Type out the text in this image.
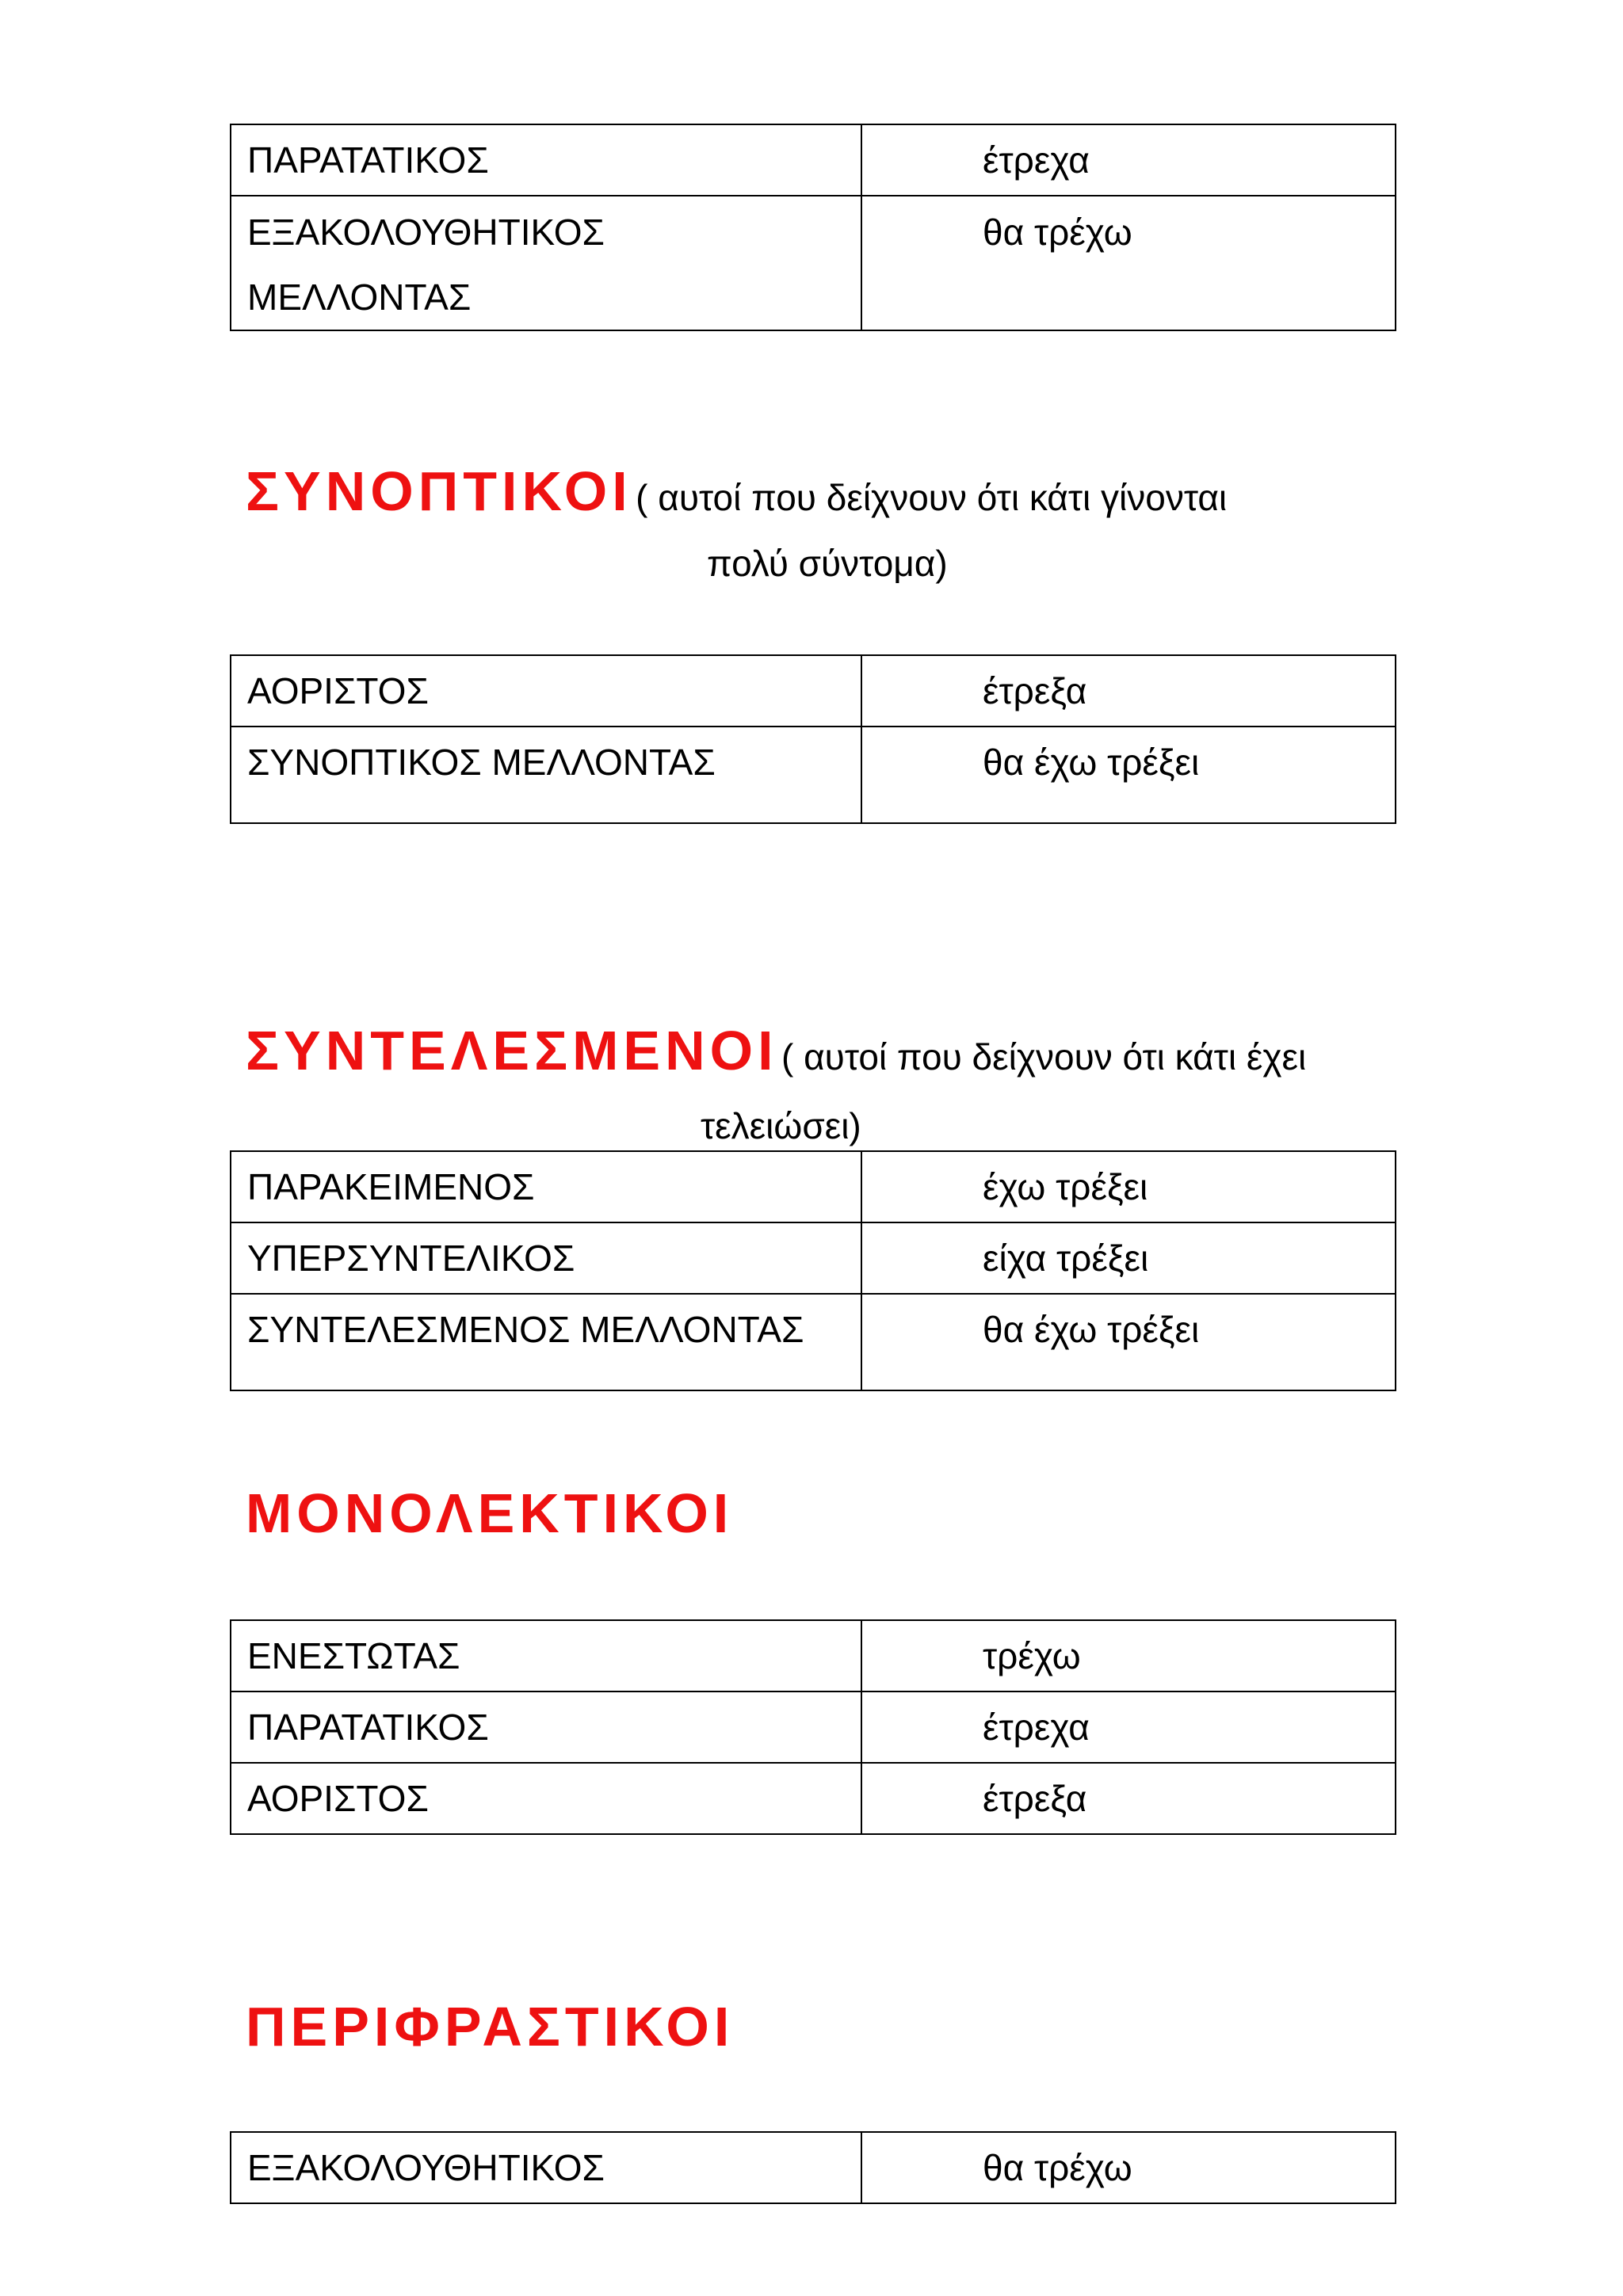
ΠΑΡΑΤΑΤΙΚΟΣ	έτρεχα

ΕΞΑΚΟΛΟΥΘΗΤΙΚΟΣ
ΜΕΛΛΟΝΤΑΣ	θα τρέχω
ΣΥΝΟΠΤΙΚΟΙ ( αυτοί που δείχνουν ότι κάτι γίνονται
πολύ σύντομα)
ΑΟΡΙΣΤΟΣ	έτρεξα
ΣΥΝΟΠΤΙΚΟΣ ΜΕΛΛΟΝΤΑΣ	θα έχω τρέξει
ΣΥΝΤΕΛΕΣΜΕΝΟΙ ( αυτοί που δείχνουν ότι κάτι έχει
τελειώσει)
ΠΑΡΑΚΕΙΜΕΝΟΣ	έχω τρέξει
ΥΠΕΡΣΥΝΤΕΛΙΚΟΣ	είχα τρέξει
ΣΥΝΤΕΛΕΣΜΕΝΟΣ ΜΕΛΛΟΝΤΑΣ	θα έχω τρέξει
ΜΟΝΟΛΕΚΤΙΚΟΙ
ΕΝΕΣΤΩΤΑΣ	τρέχω
ΠΑΡΑΤΑΤΙΚΟΣ	έτρεχα
ΑΟΡΙΣΤΟΣ	έτρεξα
ΠΕΡΙΦΡΑΣΤΙΚΟΙ
ΕΞΑΚΟΛΟΥΘΗΤΙΚΟΣ	θα τρέχω
